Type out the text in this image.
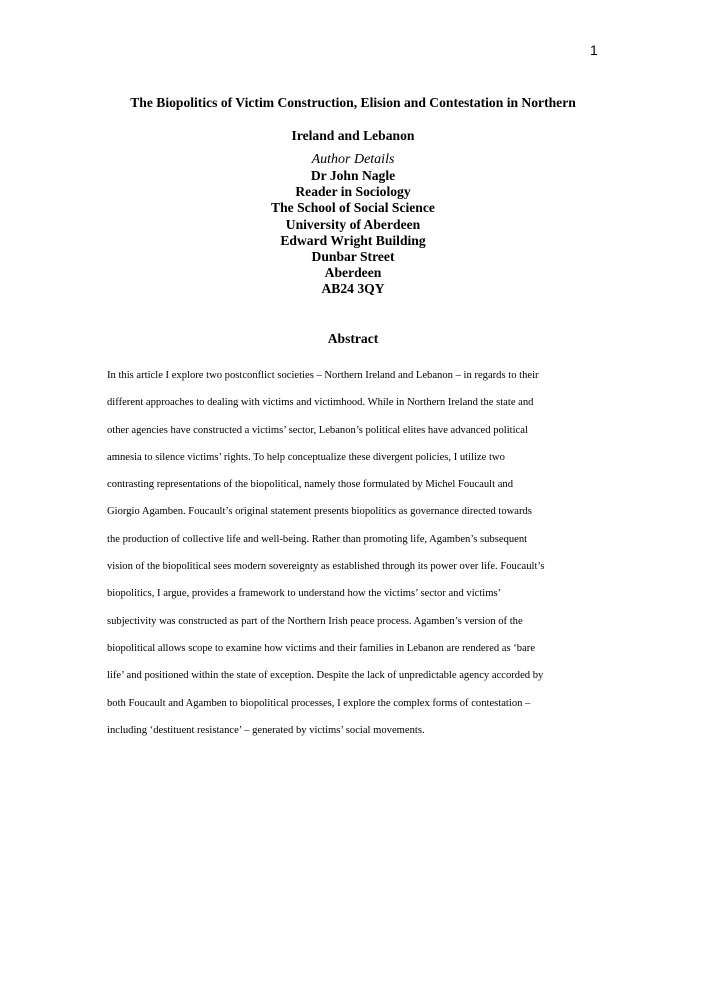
1
The Biopolitics of Victim Construction, Elision and Contestation in Northern
Ireland and Lebanon

Author Details

Dr John Nagle

Reader in Sociology

The School of Social Science

University of Aberdeen

Edward Wright Building

Dunbar Street

Aberdeen

AB24 3QY

Abstract
In this article I explore two postconflict societies – Northern Ireland and Lebanon – in regards to their
different approaches to dealing with victims and victimhood. While in Northern Ireland the state and
other agencies have constructed a victims’ sector, Lebanon’s political elites have advanced political
amnesia to silence victims’ rights. To help conceptualize these divergent policies, I utilize two
contrasting representations of the biopolitical, namely those formulated by Michel Foucault and
Giorgio Agamben. Foucault’s original statement presents biopolitics as governance directed towards
the production of collective life and well-being. Rather than promoting life, Agamben’s subsequent
vision of the biopolitical sees modern sovereignty as established through its power over life. Foucault’s
biopolitics, I argue, provides a framework to understand how the victims’ sector and victims’
subjectivity was constructed as part of the Northern Irish peace process. Agamben’s version of the
biopolitical allows scope to examine how victims and their families in Lebanon are rendered as ‘bare
life’ and positioned within the state of exception. Despite the lack of unpredictable agency accorded by
both Foucault and Agamben to biopolitical processes, I explore the complex forms of contestation –
including ‘destituent resistance’ – generated by victims’ social movements.
